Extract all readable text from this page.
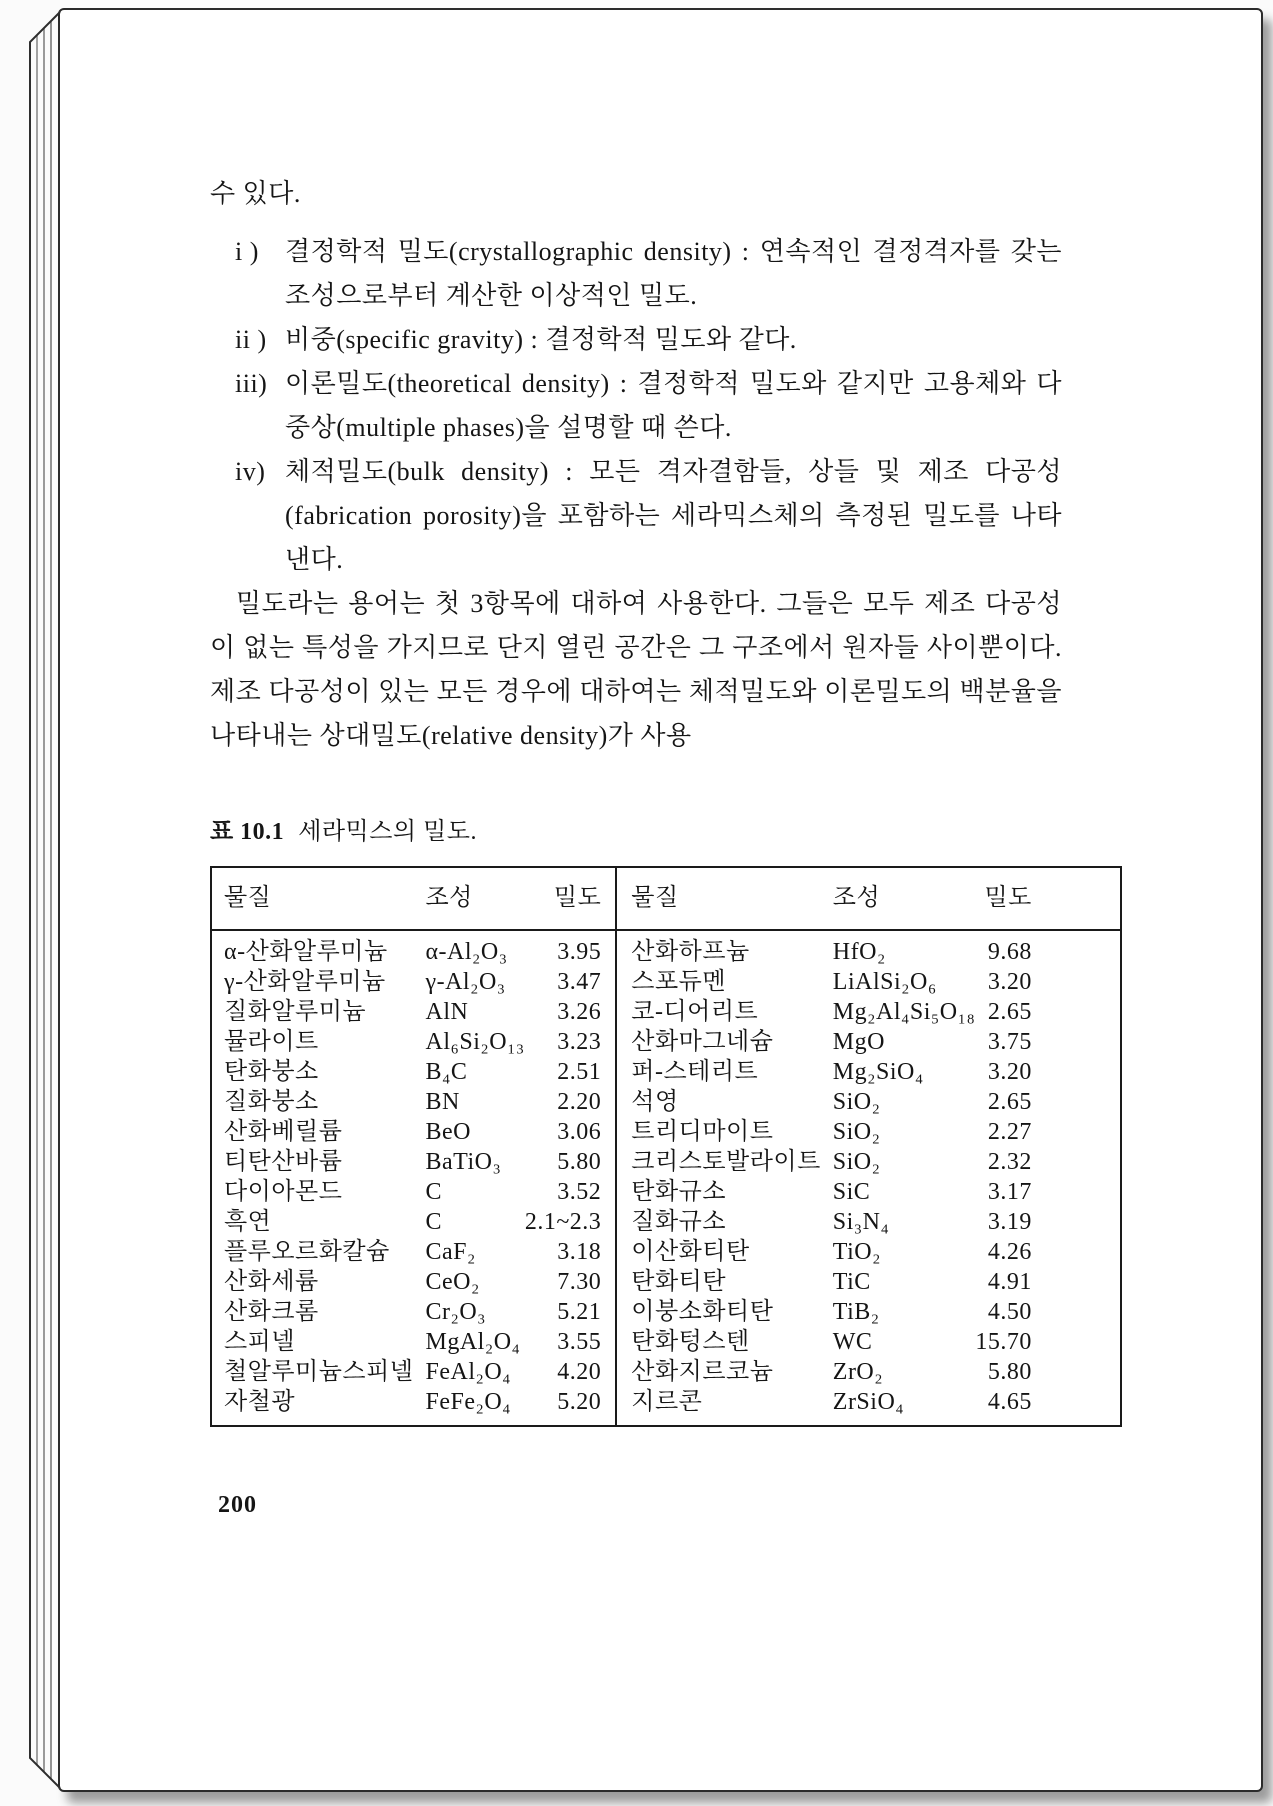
수 있다.

i )	결정학적 밀도(crystallographic density) : 연속적인 결정격자를 갖는 조성으로부터 계산한 이상적인 밀도.
ii ) 비중(specific gravity) : 결정학적 밀도와 같다.
iii) 이론밀도(theoretical density) : 결정학적 밀도와 같지만 고용체와 다중상(multiple phases)을 설명할 때 쓴다.
iv) 체적밀도(bulk density) : 모든 격자결함들, 상들 및 제조 다공성(fabrication porosity)을 포함하는 세라믹스체의 측정된 밀도를 나타낸다.

밀도라는 용어는 첫 3항목에 대하여 사용한다. 그들은 모두 제조 다공성이 없는 특성을 가지므로 단지 열린 공간은 그 구조에서 원자들 사이뿐이다. 제조 다공성이 있는 모든 경우에 대하여는 체적밀도와 이론밀도의 백분율을 나타내는 상대밀도(relative density)가 사용

표 10.1 세라믹스의 밀도.

물질	조성	밀도	물질	조성	밀도
α-산화알루미늄	α-Al₂O₃	3.95	산화하프늄	HfO₂	9.68
γ-산화알루미늄	γ-Al₂O₃	3.47	스포듀멘	LiAlSi₂O₆	3.20
질화알루미늄	AlN	3.26	코-디어리트	Mg₂Al₄Si₅O₁₈	2.65
뮬라이트	Al₆Si₂O₁₃	3.23	산화마그네슘	MgO	3.75
탄화붕소	B₄C	2.51	퍼-스테리트	Mg₂SiO₄	3.20
질화붕소	BN	2.20	석영	SiO₂	2.65
산화베릴륨	BeO	3.06	트리디마이트	SiO₂	2.27
티탄산바륨	BaTiO₃	5.80	크리스토발라이트	SiO₂	2.32
다이아몬드	C	3.52	탄화규소	SiC	3.17
흑연	C	2.1~2.3	질화규소	Si₃N₄	3.19
플루오르화칼슘	CaF₂	3.18	이산화티탄	TiO₂	4.26
산화세륨	CeO₂	7.30	탄화티탄	TiC	4.91
산화크롬	Cr₂O₃	5.21	이붕소화티탄	TiB₂	4.50
스피넬	MgAl₂O₄	3.55	탄화텅스텐	WC	15.70
철알루미늄스피넬	FeAl₂O₄	4.20	산화지르코늄	ZrO₂	5.80
자철광	FeFe₂O₄	5.20	지르콘	ZrSiO₄	4.65

200
